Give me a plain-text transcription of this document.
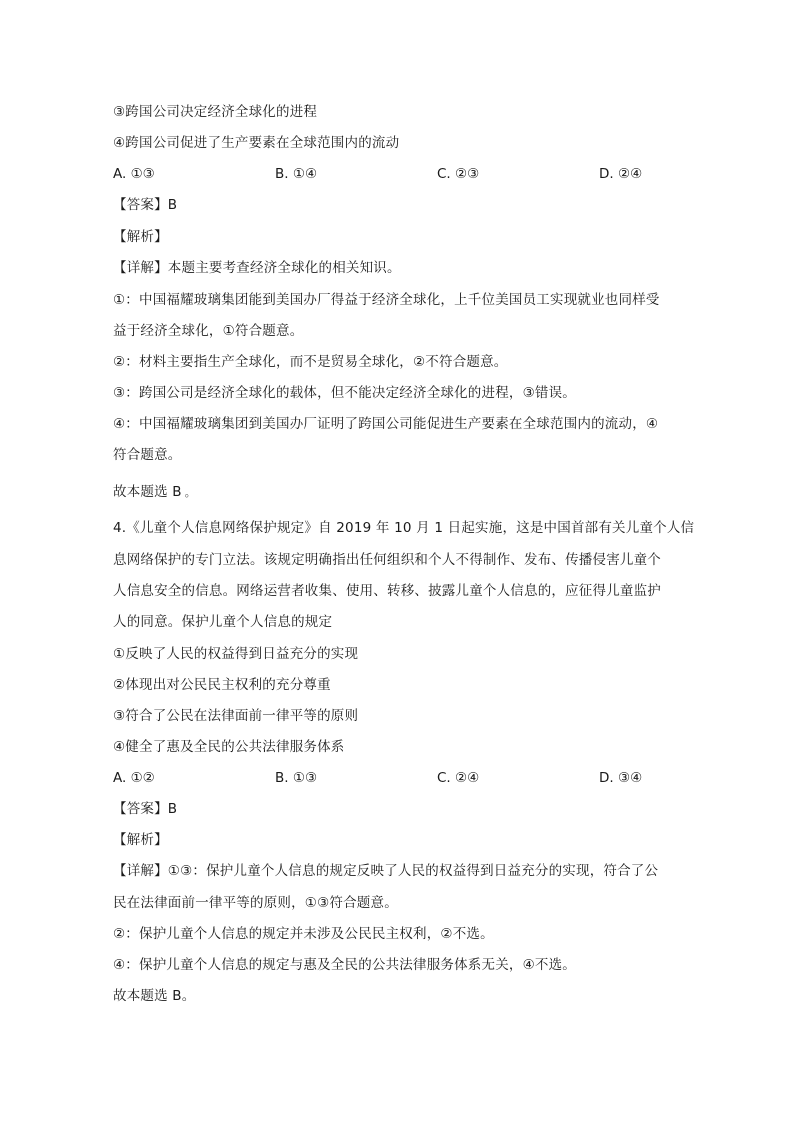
③跨国公司决定经济全球化的进程
④跨国公司促进了生产要素在全球范围内的流动
A. ①③	B. ①④	C. ②③	D. ②④
【答案】B
【解析】
【详解】本题主要考查经济全球化的相关知识。
①：中国福耀玻璃集团能到美国办厂得益于经济全球化，上千位美国员工实现就业也同样受
益于经济全球化，①符合题意。
②：材料主要指生产全球化，而不是贸易全球化，②不符合题意。
③：跨国公司是经济全球化的载体，但不能决定经济全球化的进程，③错误。
④：中国福耀玻璃集团到美国办厂证明了跨国公司能促进生产要素在全球范围内的流动，④
符合题意。
故本题选 B 。
4.《儿童个人信息网络保护规定》自 2019 年 10 月 1 日起实施，这是中国首部有关儿童个人信
息网络保护的专门立法。该规定明确指出任何组织和个人不得制作、发布、传播侵害儿童个
人信息安全的信息。网络运营者收集、使用、转移、披露儿童个人信息的，应征得儿童监护
人的同意。保护儿童个人信息的规定
①反映了人民的权益得到日益充分的实现
②体现出对公民民主权利的充分尊重
③符合了公民在法律面前一律平等的原则
④健全了惠及全民的公共法律服务体系
A. ①②	B. ①③	C. ②④	D. ③④
【答案】B
【解析】
【详解】①③：保护儿童个人信息的规定反映了人民的权益得到日益充分的实现，符合了公
民在法律面前一律平等的原则，①③符合题意。
②：保护儿童个人信息的规定并未涉及公民民主权利，②不选。
④：保护儿童个人信息的规定与惠及全民的公共法律服务体系无关，④不选。
故本题选 B。
